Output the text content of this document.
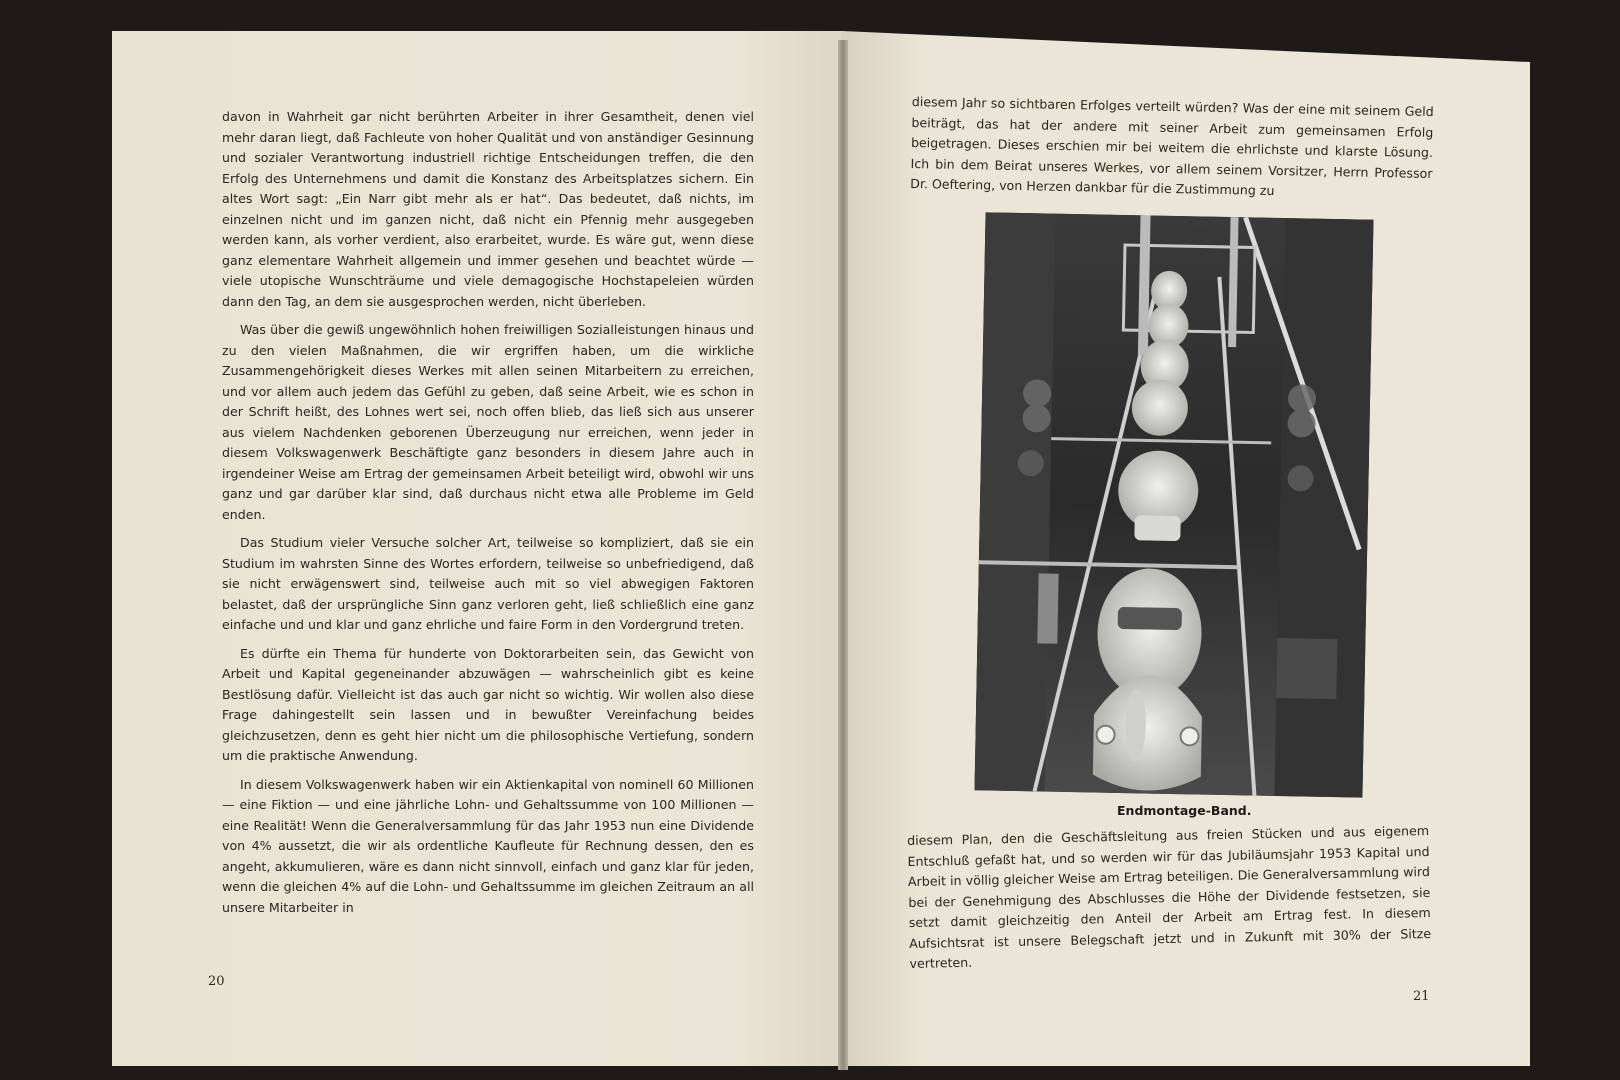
davon in Wahrheit gar nicht berührten Arbeiter in ihrer Gesamtheit, denen viel mehr daran liegt, daß Fachleute von hoher Qualität und von anständiger Gesinnung und sozialer Verantwortung industriell richtige Entscheidungen treffen, die den Erfolg des Unternehmens und damit die Konstanz des Arbeitsplatzes sichern. Ein altes Wort sagt: „Ein Narr gibt mehr als er hat“. Das bedeutet, daß nichts, im einzelnen nicht und im ganzen nicht, daß nicht ein Pfennig mehr ausgegeben werden kann, als vorher verdient, also erarbeitet, wurde. Es wäre gut, wenn diese ganz elementare Wahrheit allgemein und immer gesehen und beachtet würde — viele utopische Wunschträume und viele demagogische Hochstapeleien würden dann den Tag, an dem sie ausgesprochen werden, nicht überleben.

Was über die gewiß ungewöhnlich hohen freiwilligen Sozialleistungen hinaus und zu den vielen Maßnahmen, die wir ergriffen haben, um die wirkliche Zusammengehörigkeit dieses Werkes mit allen seinen Mitarbeitern zu erreichen, und vor allem auch jedem das Gefühl zu geben, daß seine Arbeit, wie es schon in der Schrift heißt, des Lohnes wert sei, noch offen blieb, das ließ sich aus unserer aus vielem Nachdenken geborenen Überzeugung nur erreichen, wenn jeder in diesem Volkswagenwerk Beschäftigte ganz besonders in diesem Jahre auch in irgendeiner Weise am Ertrag der gemeinsamen Arbeit beteiligt wird, obwohl wir uns ganz und gar darüber klar sind, daß durchaus nicht etwa alle Probleme im Geld enden.

Das Studium vieler Versuche solcher Art, teilweise so kompliziert, daß sie ein Studium im wahrsten Sinne des Wortes erfordern, teilweise so unbefriedigend, daß sie nicht erwägenswert sind, teilweise auch mit so viel abwegigen Faktoren belastet, daß der ursprüngliche Sinn ganz verloren geht, ließ schließlich eine ganz einfache und und klar und ganz ehrliche und faire Form in den Vordergrund treten.

Es dürfte ein Thema für hunderte von Doktorarbeiten sein, das Gewicht von Arbeit und Kapital gegeneinander abzuwägen — wahrscheinlich gibt es keine Bestlösung dafür. Vielleicht ist das auch gar nicht so wichtig. Wir wollen also diese Frage dahingestellt sein lassen und in bewußter Vereinfachung beides gleichzusetzen, denn es geht hier nicht um die philosophische Vertiefung, sondern um die praktische Anwendung.

In diesem Volkswagenwerk haben wir ein Aktienkapital von nominell 60 Millionen — eine Fiktion — und eine jährliche Lohn- und Gehaltssumme von 100 Millionen — eine Realität! Wenn die Generalversammlung für das Jahr 1953 nun eine Dividende von 4% aussetzt, die wir als ordentliche Kaufleute für Rechnung dessen, den es angeht, akkumulieren, wäre es dann nicht sinnvoll, einfach und ganz klar für jeden, wenn die gleichen 4% auf die Lohn- und Gehaltssumme im gleichen Zeitraum an all unsere Mitarbeiter in

20

diesem Jahr so sichtbaren Erfolges verteilt würden? Was der eine mit seinem Geld beiträgt, das hat der andere mit seiner Arbeit zum gemeinsamen Erfolg beigetragen. Dieses erschien mir bei weitem die ehrlichste und klarste Lösung. Ich bin dem Beirat unseres Werkes, vor allem seinem Vorsitzer, Herrn Professor Dr. Oeftering, von Herzen dankbar für die Zustimmung zu

Endmontage-Band.

diesem Plan, den die Geschäftsleitung aus freien Stücken und aus eigenem Entschluß gefaßt hat, und so werden wir für das Jubiläumsjahr 1953 Kapital und Arbeit in völlig gleicher Weise am Ertrag beteiligen. Die Generalversammlung wird bei der Genehmigung des Abschlusses die Höhe der Dividende festsetzen, sie setzt damit gleichzeitig den Anteil der Arbeit am Ertrag fest. In diesem Aufsichtsrat ist unsere Belegschaft jetzt und in Zukunft mit 30% der Sitze vertreten.

21
